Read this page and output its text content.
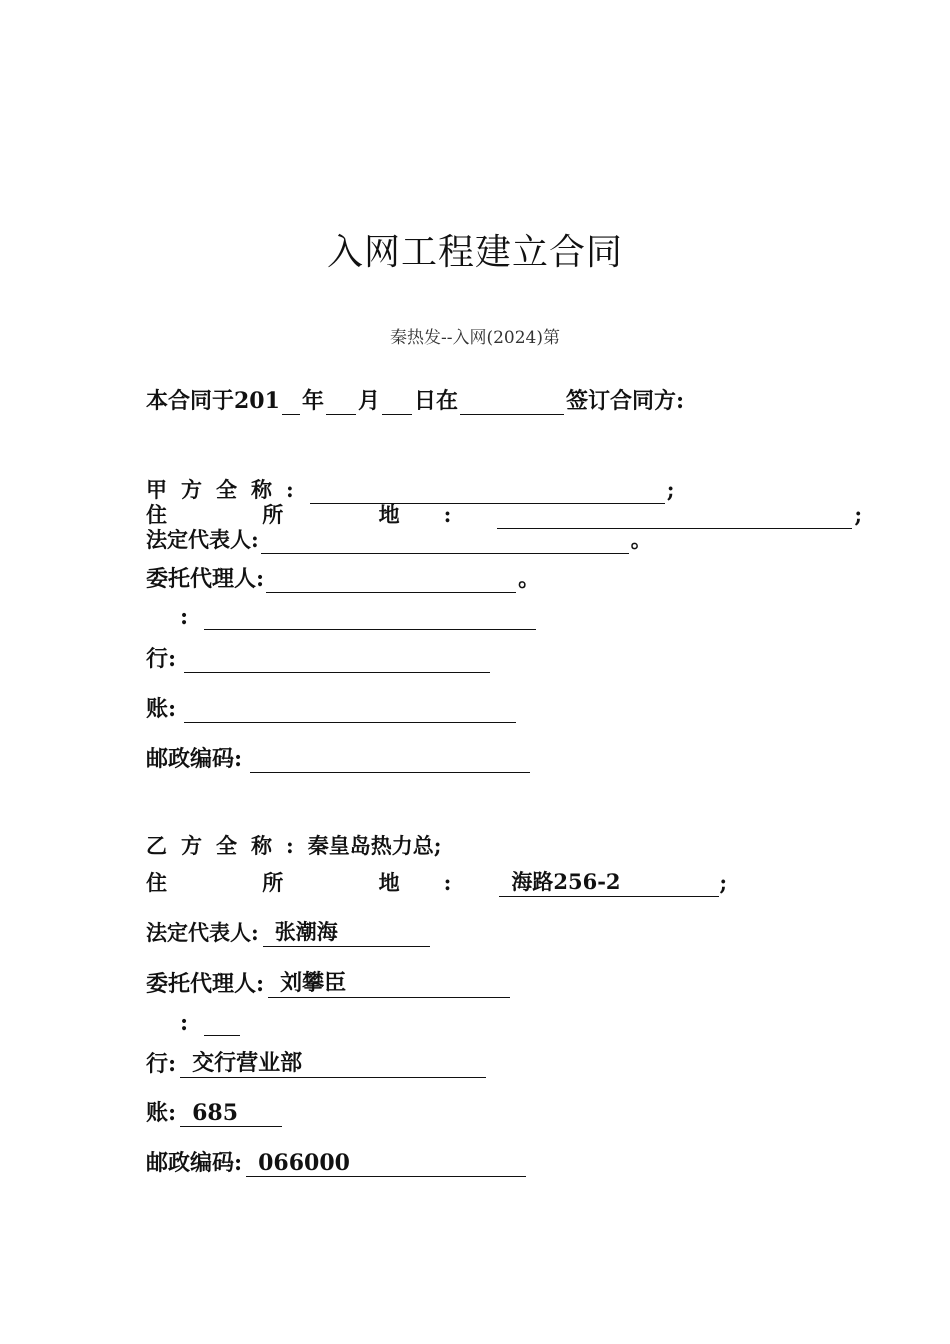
入网工程建立合同
秦热发--入网(2024)第
本合同于201 年 月 日在	签订合同方:
甲方全称:	;
住 所 地:	;
法定代表人:	。
委托代理人:	。
:
行:
账:
邮政编码:
乙方全称:秦皇岛热力总;
住 所 地: 海路256-2	;
法定代表人: 张潮海
委托代理人: 刘攀臣
:
行: 交行营业部
账: 685
邮政编码: 066000
